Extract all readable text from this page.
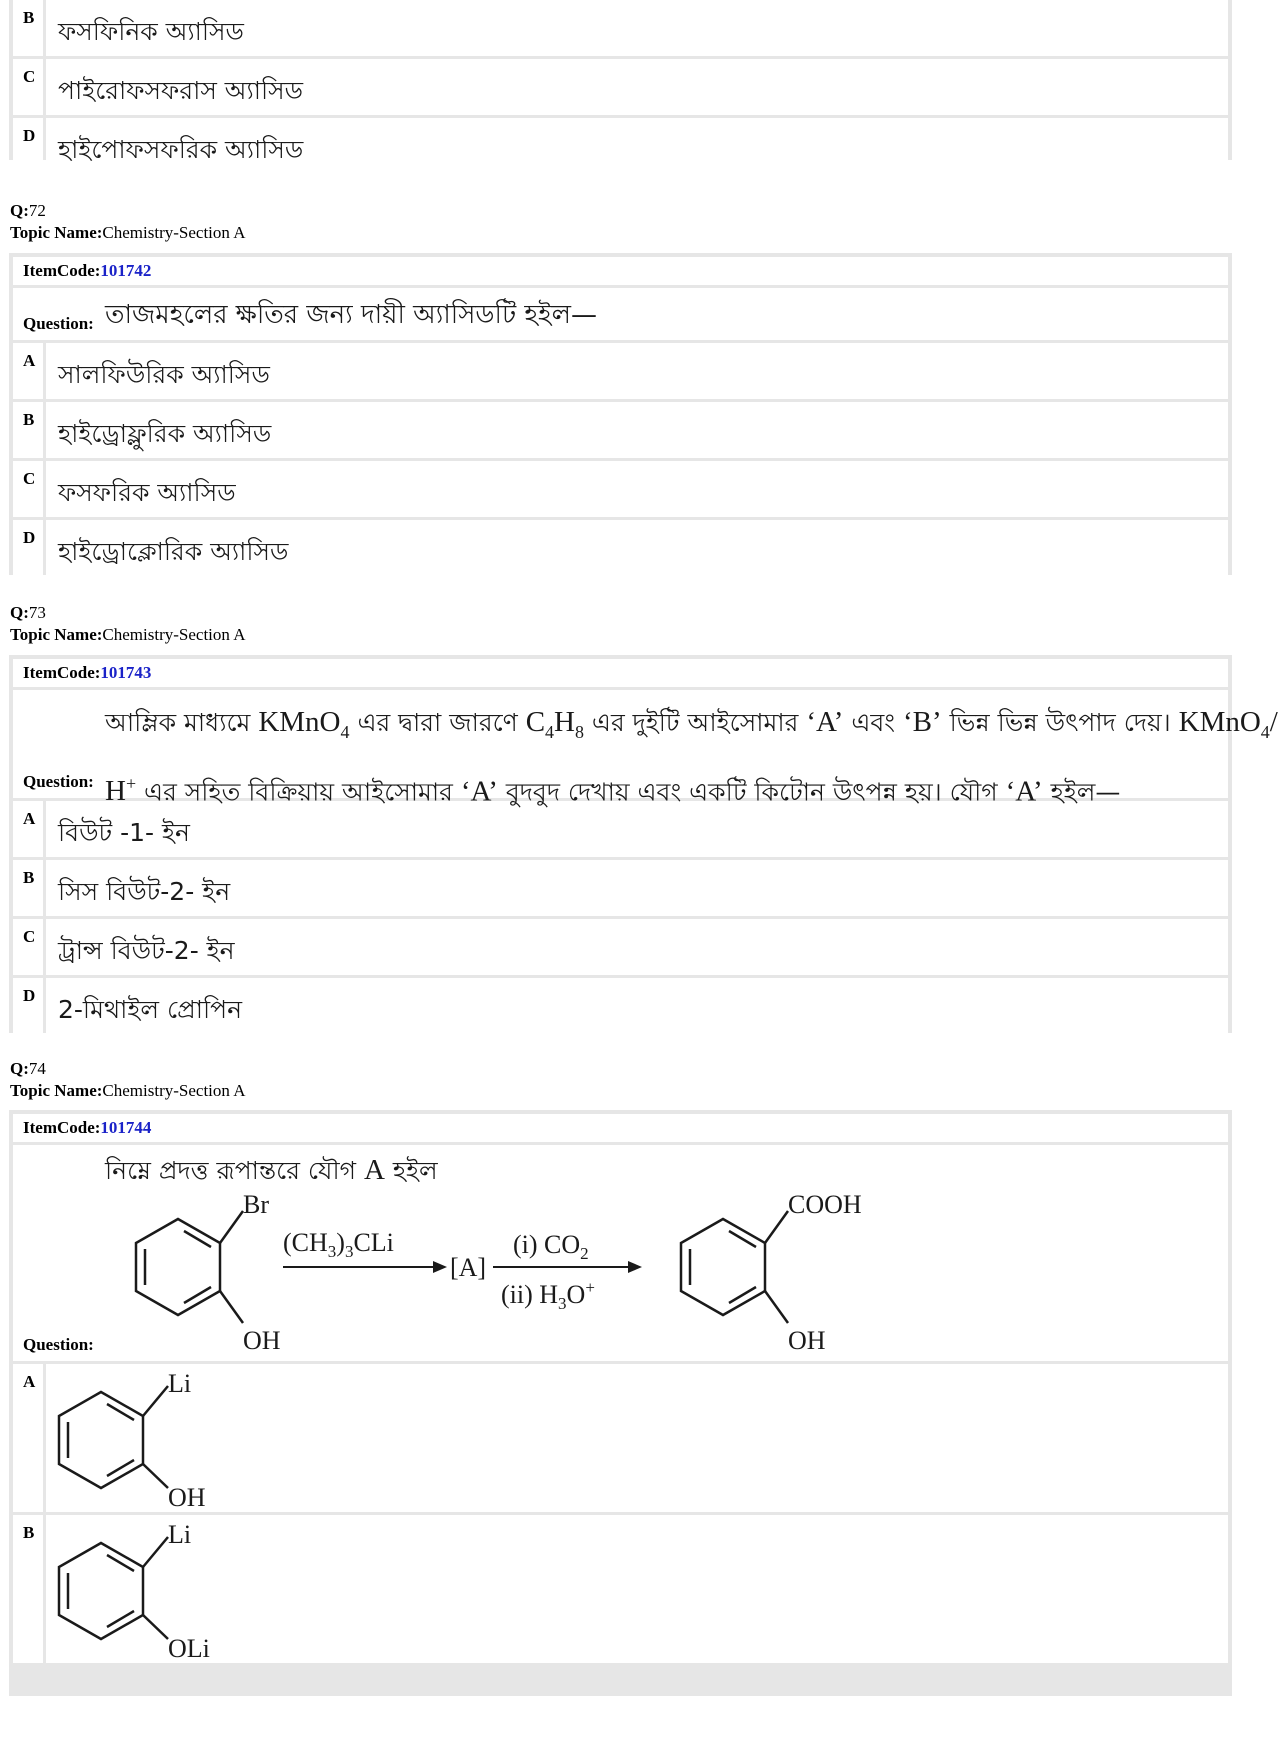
B ফসফিনিক অ্যাসিড
C পাইরোফসফরাস অ্যাসিড
D হাইপোফসফরিক অ্যাসিড
Q:72
Topic Name:Chemistry-Section A
ItemCode:101742
Question: তাজমহলের ক্ষতির জন্য দায়ী অ্যাসিডটি হইল—
A সালফিউরিক অ্যাসিড
B হাইড্রোফ্লুরিক অ্যাসিড
C ফসফরিক অ্যাসিড
D হাইড্রোক্লোরিক অ্যাসিড
Q:73
Topic Name:Chemistry-Section A
ItemCode:101743
Question:
আম্লিক মাধ্যমে KMnO$_4$ এর দ্বারা জারণে $C_4H_8$ এর দুইটি আইসোমার ‘A’ এবং ‘B’ ভিন্ন ভিন্ন উৎপাদ দেয়। KMnO$_4$/
H+ এর সহিত বিক্রিয়ায় আইসোমার ‘A’ বুদবুদ দেখায় এবং একটি কিটোন উৎপন্ন হয়। যৌগ ‘A’ হইল—
A বিউট -1- ইন
B সিস বিউট-2- ইন
C ট্রান্স বিউট-2- ইন
D 2-মিথাইল প্রোপিন
Q:74
Topic Name:Chemistry-Section A
ItemCode:101744
Question:
নিম্নে প্রদত্ত রূপান্তরে যৌগ A হইল
Br
OH
$(CH_3)_3CLi$
[A]
(i) $CO_2$
(ii) $H_3O^+$
COOH
OH
A	Li
OH
B	Li
OLi
